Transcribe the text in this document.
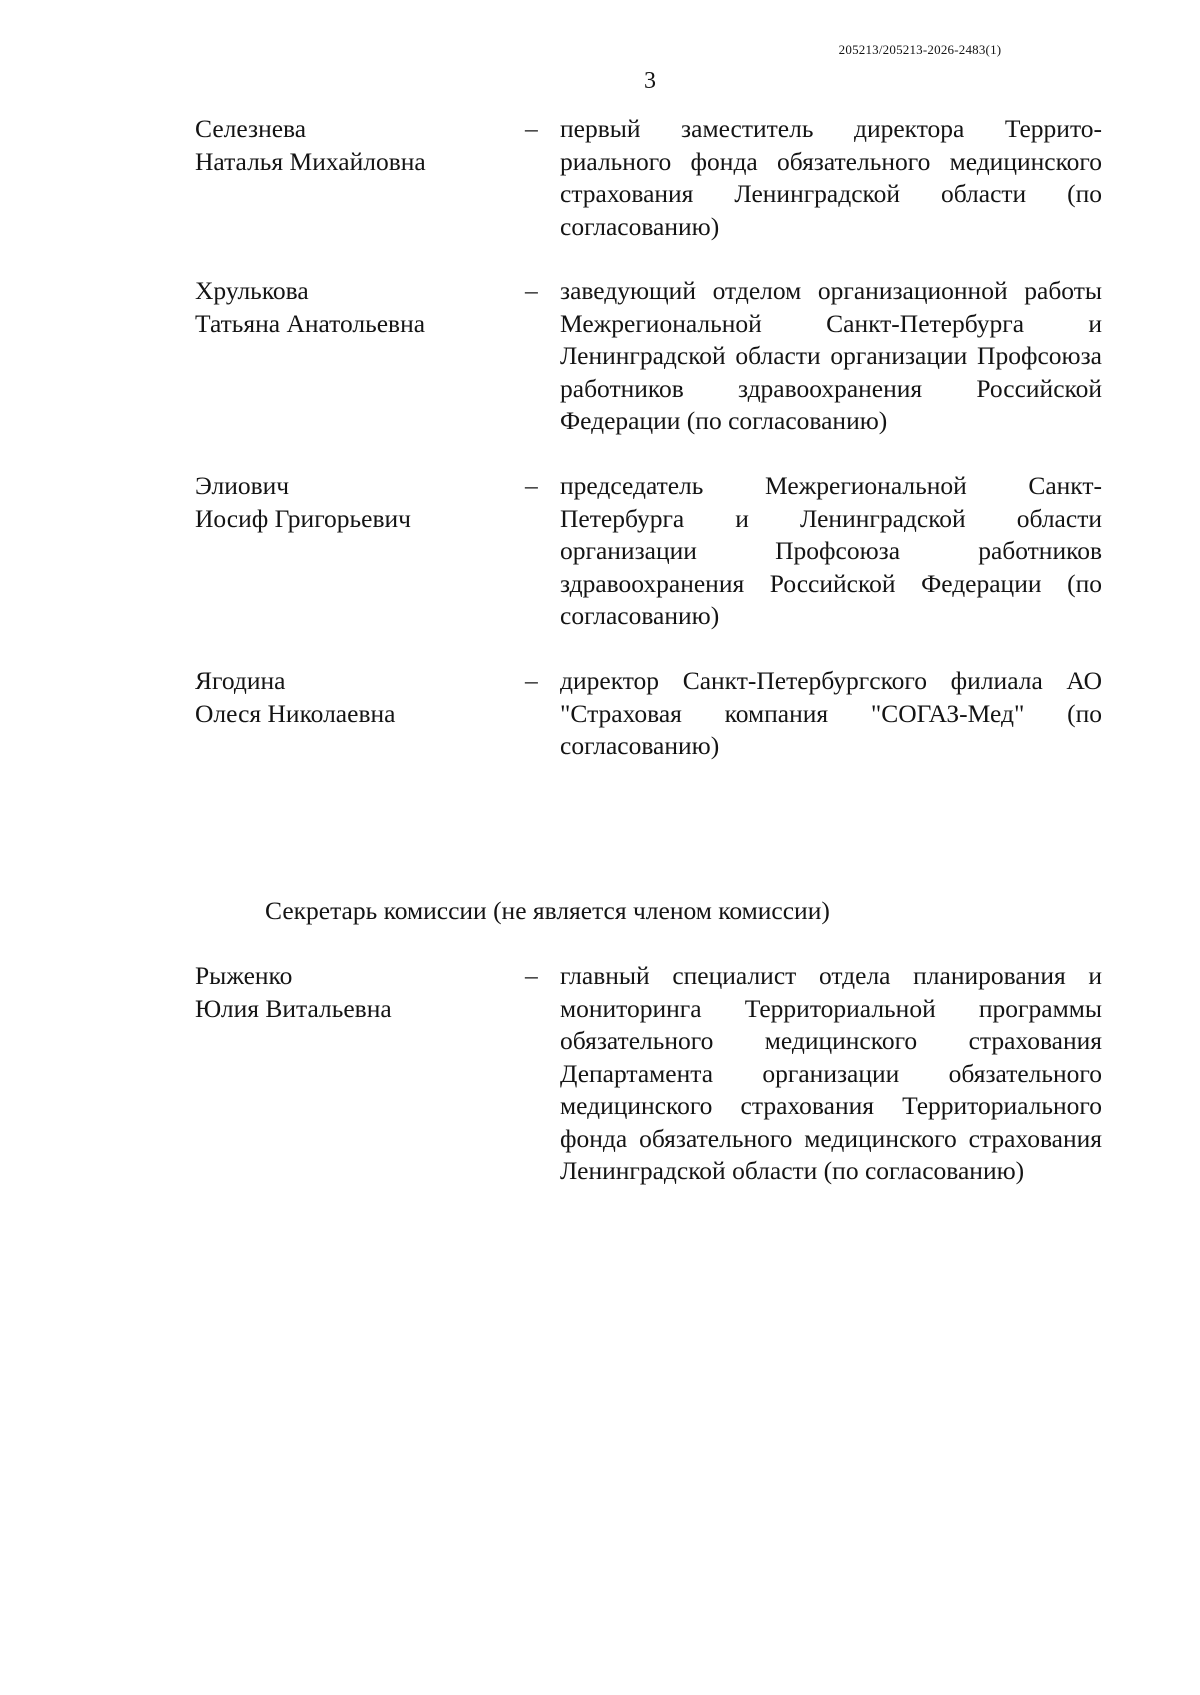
205213/205213-2026-2483(1)
3
Селезнева
Наталья Михайловна
– первый заместитель директора Территориального фонда обязательного медицинского страхования Ленинградской области (по согласованию)
Хрулькова
Татьяна Анатольевна
– заведующий отделом организационной работы Межрегиональной Санкт-Петербурга и Ленинградской области организации Профсоюза работников здравоохранения Российской Федерации (по согласованию)
Элиович
Иосиф Григорьевич
– председатель Межрегиональной Санкт-Петербурга и Ленинградской области организации Профсоюза работников здравоохранения Российской Федерации (по согласованию)
Ягодина
Олеся Николаевна
– директор Санкт-Петербургского филиала АО "Страховая компания "СОГАЗ-Мед" (по согласованию)
Секретарь комиссии (не является членом комиссии)
Рыженко
Юлия Витальевна
– главный специалист отдела планирования и мониторинга Территориальной программы обязательного медицинского страхования Департамента организации обязательного медицинского страхования Территориального фонда обязательного медицинского страхования Ленинградской области (по согласованию)
